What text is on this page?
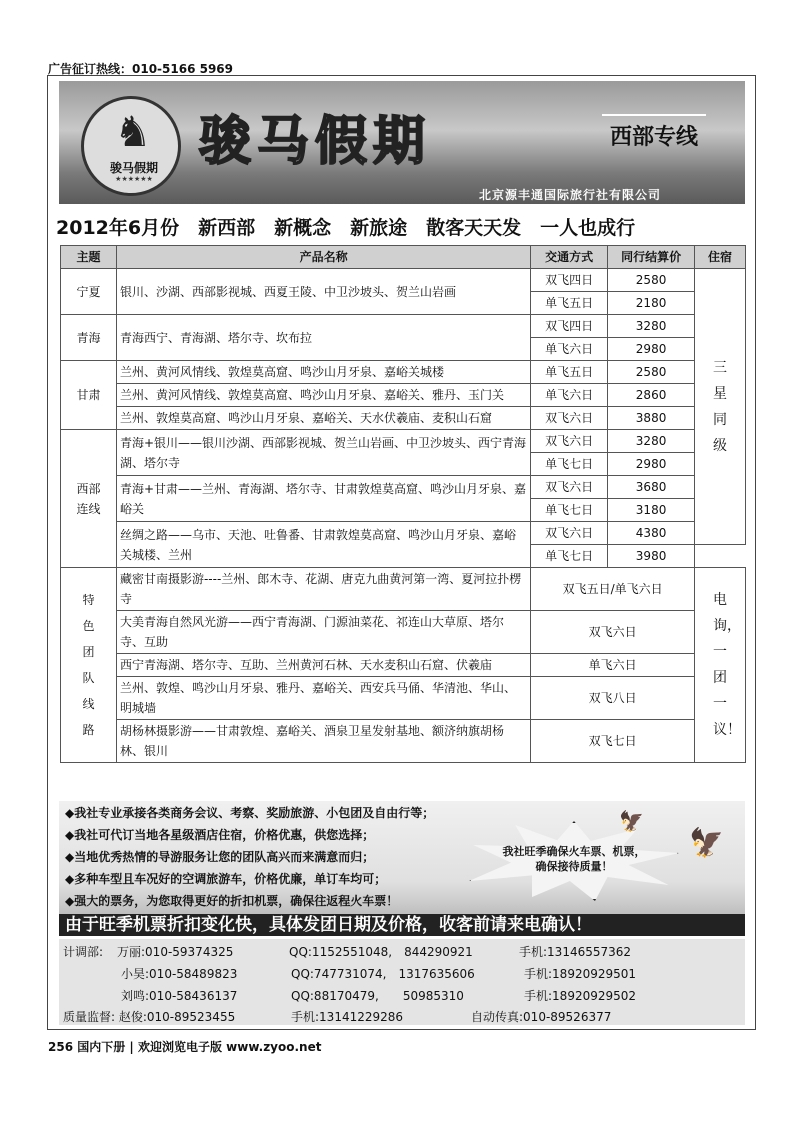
广告征订热线：010-5166 5969
♞
骏马假期
★★★★★★
骏马假期	西部专线
北京源丰通国际旅行社有限公司
2012年6月份　新西部　新概念　新旅途　散客天天发　一人也成行
主题	产品名称	交通方式	同行结算价	住宿
宁夏	银川、沙湖、西部影视城、西夏王陵、中卫沙坡头、贺兰山岩画	双飞四日	2580	三星同级

		单飞五日	2180	
青海	青海西宁、青海湖、塔尔寺、坎布拉	双飞四日	3280	
		单飞六日	2980	
甘肃	兰州、黄河风情线、敦煌莫高窟、鸣沙山月牙泉、嘉峪关城楼	单飞五日	2580	
	兰州、黄河风情线、敦煌莫高窟、鸣沙山月牙泉、嘉峪关、雅丹、玉门关	单飞六日	2860	
	兰州、敦煌莫高窟、鸣沙山月牙泉、嘉峪关、天水伏羲庙、麦积山石窟	双飞六日	3880	

西部连线	青海+银川——银川沙湖、西部影视城、贺兰山岩画、中卫沙坡头、西宁青海湖、塔尔寺	双飞六日	3280	
		单飞七日	2980	
	青海+甘肃——兰州、青海湖、塔尔寺、甘肃敦煌莫高窟、鸣沙山月牙泉、嘉峪关	双飞六日	3680	
		单飞七日	3180	
	丝绸之路——乌市、天池、吐鲁番、甘肃敦煌莫高窟、鸣沙山月牙泉、嘉峪关城楼、兰州	双飞六日	4380	
		单飞七日	3980	

特色团队线路	藏密甘南摄影游----兰州、郎木寺、花湖、唐克九曲黄河第一湾、夏河拉扑楞寺	双飞五日/单飞六日		电询，一团一议！

	大美青海自然风光游——西宁青海湖、门源油菜花、祁连山大草原、塔尔寺、互助	双飞六日		
	西宁青海湖、塔尔寺、互助、兰州黄河石林、天水麦积山石窟、伏羲庙	单飞六日		
	兰州、敦煌、鸣沙山月牙泉、雅丹、嘉峪关、西安兵马俑、华清池、华山、明城墙	双飞八日		
	胡杨林摄影游——甘肃敦煌、嘉峪关、酒泉卫星发射基地、额济纳旗胡杨林、银川	双飞七日		
◆我社专业承接各类商务会议、考察、奖励旅游、小包团及自由行等；
◆我社可代订当地各星级酒店住宿，价格优惠，供您选择；
◆当地优秀热情的导游服务让您的团队高兴而来满意而归；
◆多种车型且车况好的空调旅游车，价格优廉，单订车均可；
◆强大的票务，为您取得更好的折扣机票，确保往返程火车票！
我社旺季确保火车票、机票，确保接待质量！
🦅
🦅
由于旺季机票折扣变化快，具体发团日期及价格，收客前请来电确认！
计调部: 万丽:010-59374325	QQ:1152551048,　844290921	手机:13146557362
小昊:010-58489823	QQ:747731074,　1317635606	手机:18920929501
刘鸣:010-58436137	QQ:88170479,　　50985310	手机:18920929502
质量监督: 赵俊:010-89523455	手机:13141229286	自动传真:010-89526377
256 国内下册 | 欢迎浏览电子版 www.zyoo.net
